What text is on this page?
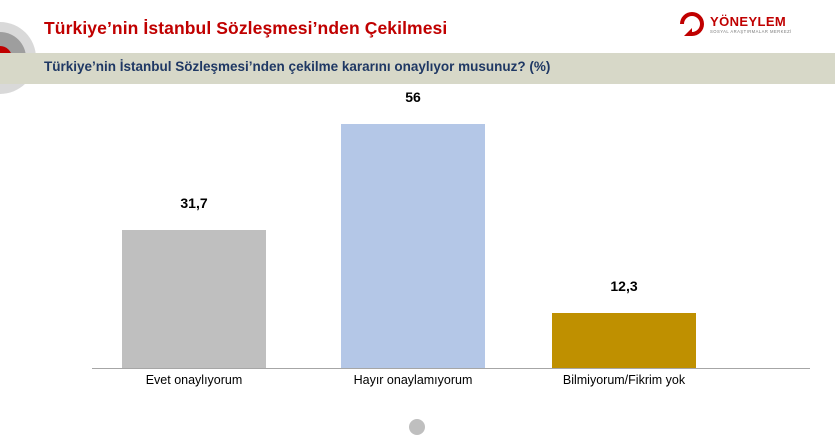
Türkiye’nin İstanbul Sözleşmesi’nden Çekilmesi	YÖNEYLEM
SOSYAL ARAŞTIRMALAR MERKEZİ
Türkiye’nin İstanbul Sözleşmesi’nden çekilme kararını onaylıyor musunuz? (%)
31,7
56
12,3
Evet onaylıyorum	Hayır onaylamıyorum	Bilmiyorum/Fikrim yok
